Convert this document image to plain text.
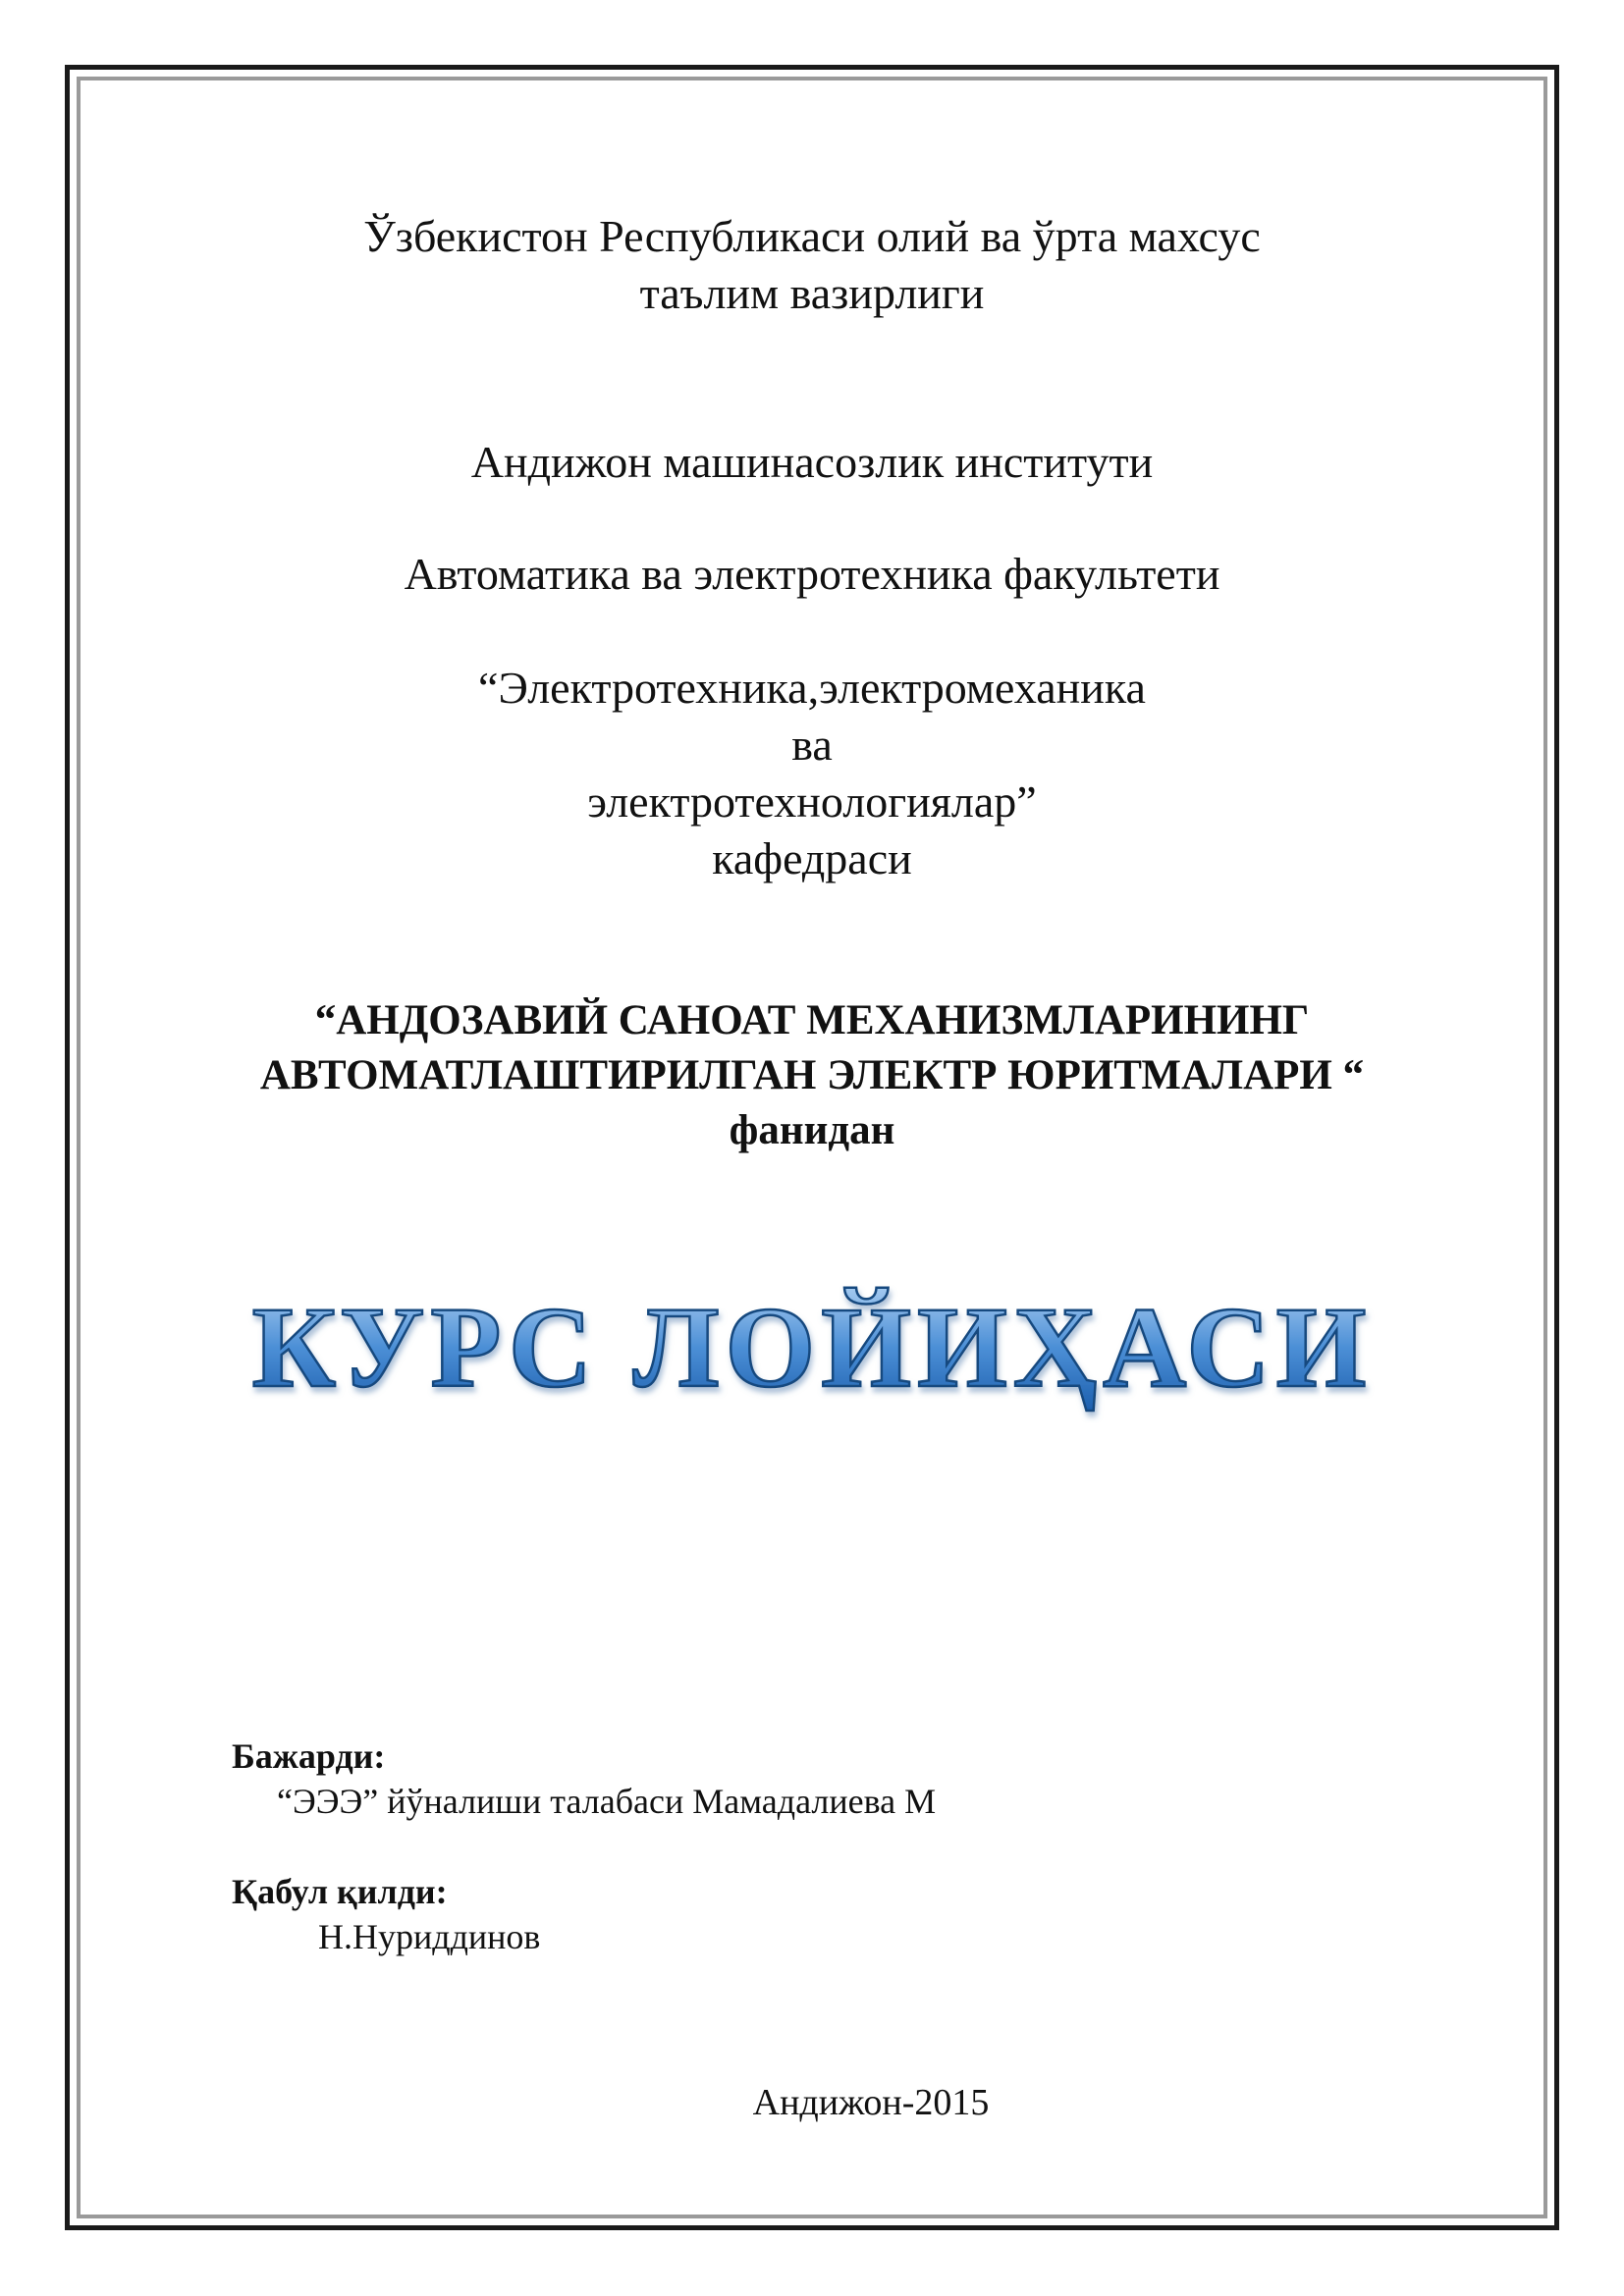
Ўзбекистон Республикаси олий ва ўрта махсус
таълим вазирлиги
Андижон машинасозлик институти
Автоматика ва электротехника факультети
“Электротехника,электромеханика
ва
электротехнологиялар”
кафедраси
“АНДОЗАВИЙ САНОАТ МЕХАНИЗМЛАРИНИНГ
АВТОМАТЛАШТИРИЛГАН ЭЛЕКТР ЮРИТМАЛАРИ “
фанидан
КУРС ЛОЙИҲАСИ
Бажарди:
“ЭЭЭ” йўналиши талабаси Мамадалиева М
Қабул қилди:
Н.Нуриддинов
Андижон-2015
